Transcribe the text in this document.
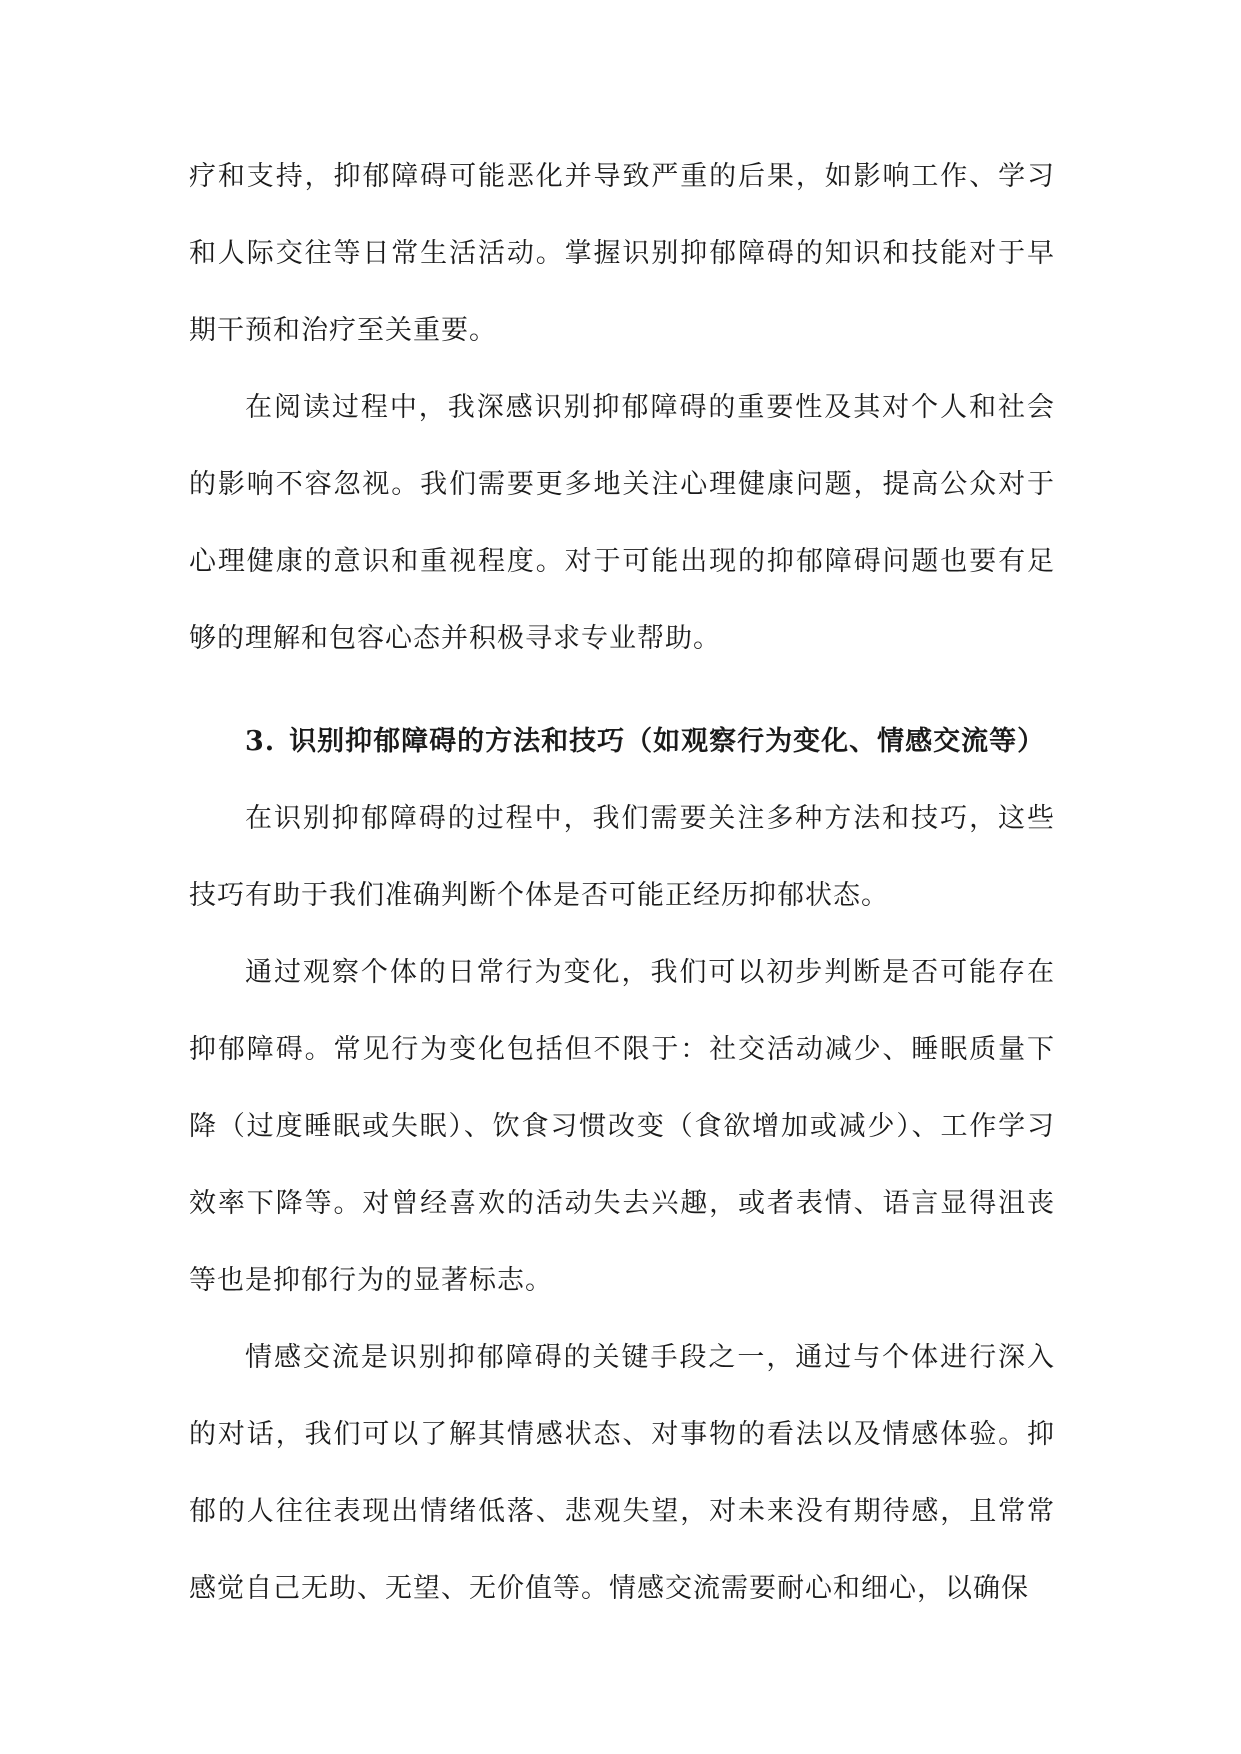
疗和支持，抑郁障碍可能恶化并导致严重的后果，如影响工作、学习和人际交往等日常生活活动。掌握识别抑郁障碍的知识和技能对于早期干预和治疗至关重要。

在阅读过程中，我深感识别抑郁障碍的重要性及其对个人和社会的影响不容忽视。我们需要更多地关注心理健康问题，提高公众对于心理健康的意识和重视程度。对于可能出现的抑郁障碍问题也要有足够的理解和包容心态并积极寻求专业帮助。

3. 识别抑郁障碍的方法和技巧（如观察行为变化、情感交流等）

在识别抑郁障碍的过程中，我们需要关注多种方法和技巧，这些技巧有助于我们准确判断个体是否可能正经历抑郁状态。

通过观察个体的日常行为变化，我们可以初步判断是否可能存在抑郁障碍。常见行为变化包括但不限于：社交活动减少、睡眠质量下降（过度睡眠或失眠）、饮食习惯改变（食欲增加或减少）、工作学习效率下降等。对曾经喜欢的活动失去兴趣，或者表情、语言显得沮丧等也是抑郁行为的显著标志。

情感交流是识别抑郁障碍的关键手段之一，通过与个体进行深入的对话，我们可以了解其情感状态、对事物的看法以及情感体验。抑郁的人往往表现出情绪低落、悲观失望，对未来没有期待感，且常常感觉自己无助、无望、无价值等。情感交流需要耐心和细心，以确保
